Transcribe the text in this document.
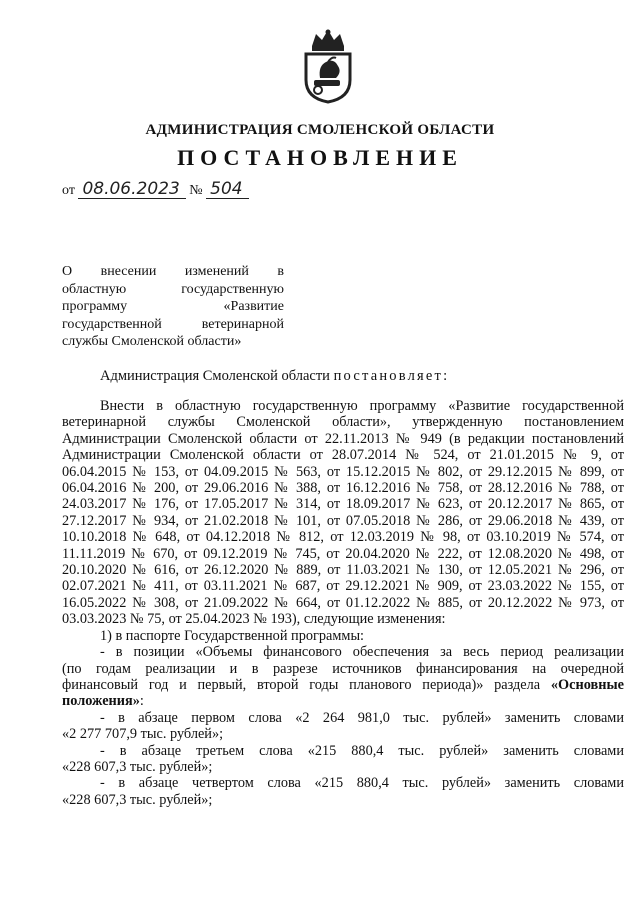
АДМИНИСТРАЦИЯ СМОЛЕНСКОЙ ОБЛАСТИ
ПОСТАНОВЛЕНИЕ
от 08.06.2023 № 504
О внесении изменений в
областную государственную
программу «Развитие
государственной ветеринарной
службы Смоленской области»
Администрация Смоленской области постановляет:
Внести в областную государственную программу «Развитие государственной
ветеринарной службы Смоленской области», утвержденную постановлением
Администрации Смоленской области от 22.11.2013 № 949 (в редакции постановлений
Администрации Смоленской области от 28.07.2014 № 524, от 21.01.2015 № 9, от
06.04.2015 № 153, от 04.09.2015 № 563, от 15.12.2015 № 802, от 29.12.2015 № 899, от
06.04.2016 № 200, от 29.06.2016 № 388, от 16.12.2016 № 758, от 28.12.2016 № 788, от
24.03.2017 № 176, от 17.05.2017 № 314, от 18.09.2017 № 623, от 20.12.2017 № 865, от
27.12.2017 № 934, от 21.02.2018 № 101, от 07.05.2018 № 286, от 29.06.2018 № 439, от
10.10.2018 № 648, от 04.12.2018 № 812, от 12.03.2019 № 98, от 03.10.2019 № 574, от
11.11.2019 № 670, от 09.12.2019 № 745, от 20.04.2020 № 222, от 12.08.2020 № 498, от
20.10.2020 № 616, от 26.12.2020 № 889, от 11.03.2021 № 130, от 12.05.2021 № 296, от
02.07.2021 № 411, от 03.11.2021 № 687, от 29.12.2021 № 909, от 23.03.2022 № 155, от
16.05.2022 № 308, от 21.09.2022 № 664, от 01.12.2022 № 885, от 20.12.2022 № 973, от
03.03.2023 № 75, от 25.04.2023 № 193), следующие изменения:
1) в паспорте Государственной программы:
- в позиции «Объемы финансового обеспечения за весь период реализации
(по годам реализации и в разрезе источников финансирования на очередной
финансовый год и первый, второй годы планового периода)» раздела «Основные
положения»:
- в абзаце первом слова «2 264 981,0 тыс. рублей» заменить словами
«2 277 707,9 тыс. рублей»;
- в абзаце третьем слова «215 880,4 тыс. рублей» заменить словами
«228 607,3 тыс. рублей»;
- в абзаце четвертом слова «215 880,4 тыс. рублей» заменить словами
«228 607,3 тыс. рублей»;
